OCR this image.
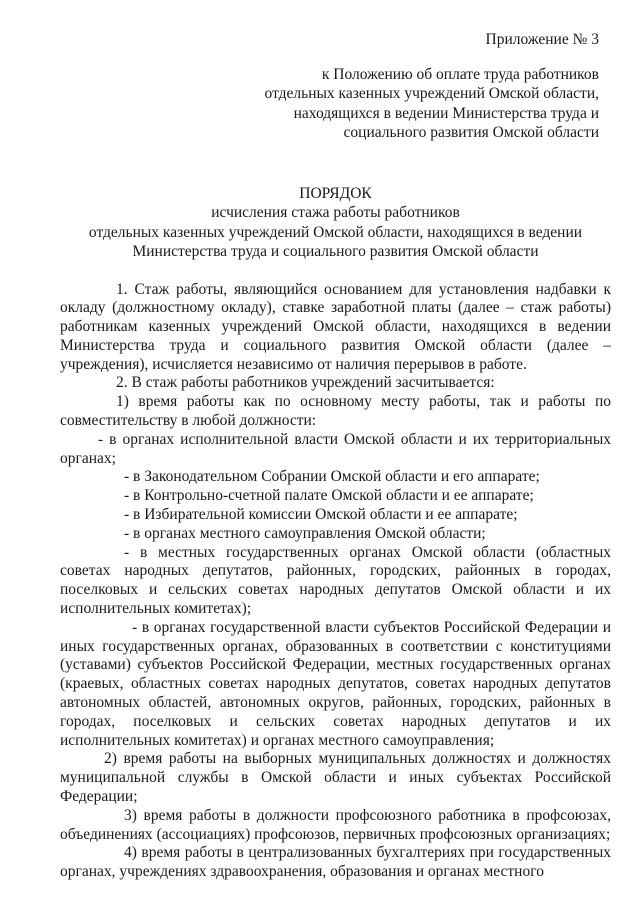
Приложение № 3
к Положению об оплате труда работников
отдельных казенных учреждений Омской области,
находящихся в ведении Министерства труда и
социального развития Омской области
ПОРЯДОК
исчисления стажа работы работников
отдельных казенных учреждений Омской области, находящихся в ведении
Министерства труда и социального развития Омской области
1. Стаж работы, являющийся основанием для установления надбавки к окладу (должностному окладу), ставке заработной платы (далее – стаж работы) работникам казенных учреждений Омской области, находящихся в ведении Министерства труда и социального развития Омской области (далее – учреждения), исчисляется независимо от наличия перерывов в работе.
2. В стаж работы работников учреждений засчитывается:
1) время работы как по основному месту работы, так и работы по совместительству в любой должности:
- в органах исполнительной власти Омской области и их территориальных органах;
- в Законодательном Собрании Омской области и его аппарате;
- в Контрольно-счетной палате Омской области и ее аппарате;
- в Избирательной комиссии Омской области и ее аппарате;
- в органах местного самоуправления Омской области;
- в местных государственных органах Омской области (областных советах народных депутатов, районных, городских, районных в городах, поселковых и сельских советах народных депутатов Омской области и их исполнительных комитетах);
- в органах государственной власти субъектов Российской Федерации и иных государственных органах, образованных в соответствии с конституциями (уставами) субъектов Российской Федерации, местных государственных органах (краевых, областных советах народных депутатов, советах народных депутатов автономных областей, автономных округов, районных, городских, районных в городах, поселковых и сельских советах народных депутатов и их исполнительных комитетах) и органах местного самоуправления;
2) время работы на выборных муниципальных должностях и должностях муниципальной службы в Омской области и иных субъектах Российской Федерации;
3) время работы в должности профсоюзного работника в профсоюзах, объединениях (ассоциациях) профсоюзов, первичных профсоюзных организациях;
4) время работы в централизованных бухгалтериях при государственных органах, учреждениях здравоохранения, образования и органах местного
